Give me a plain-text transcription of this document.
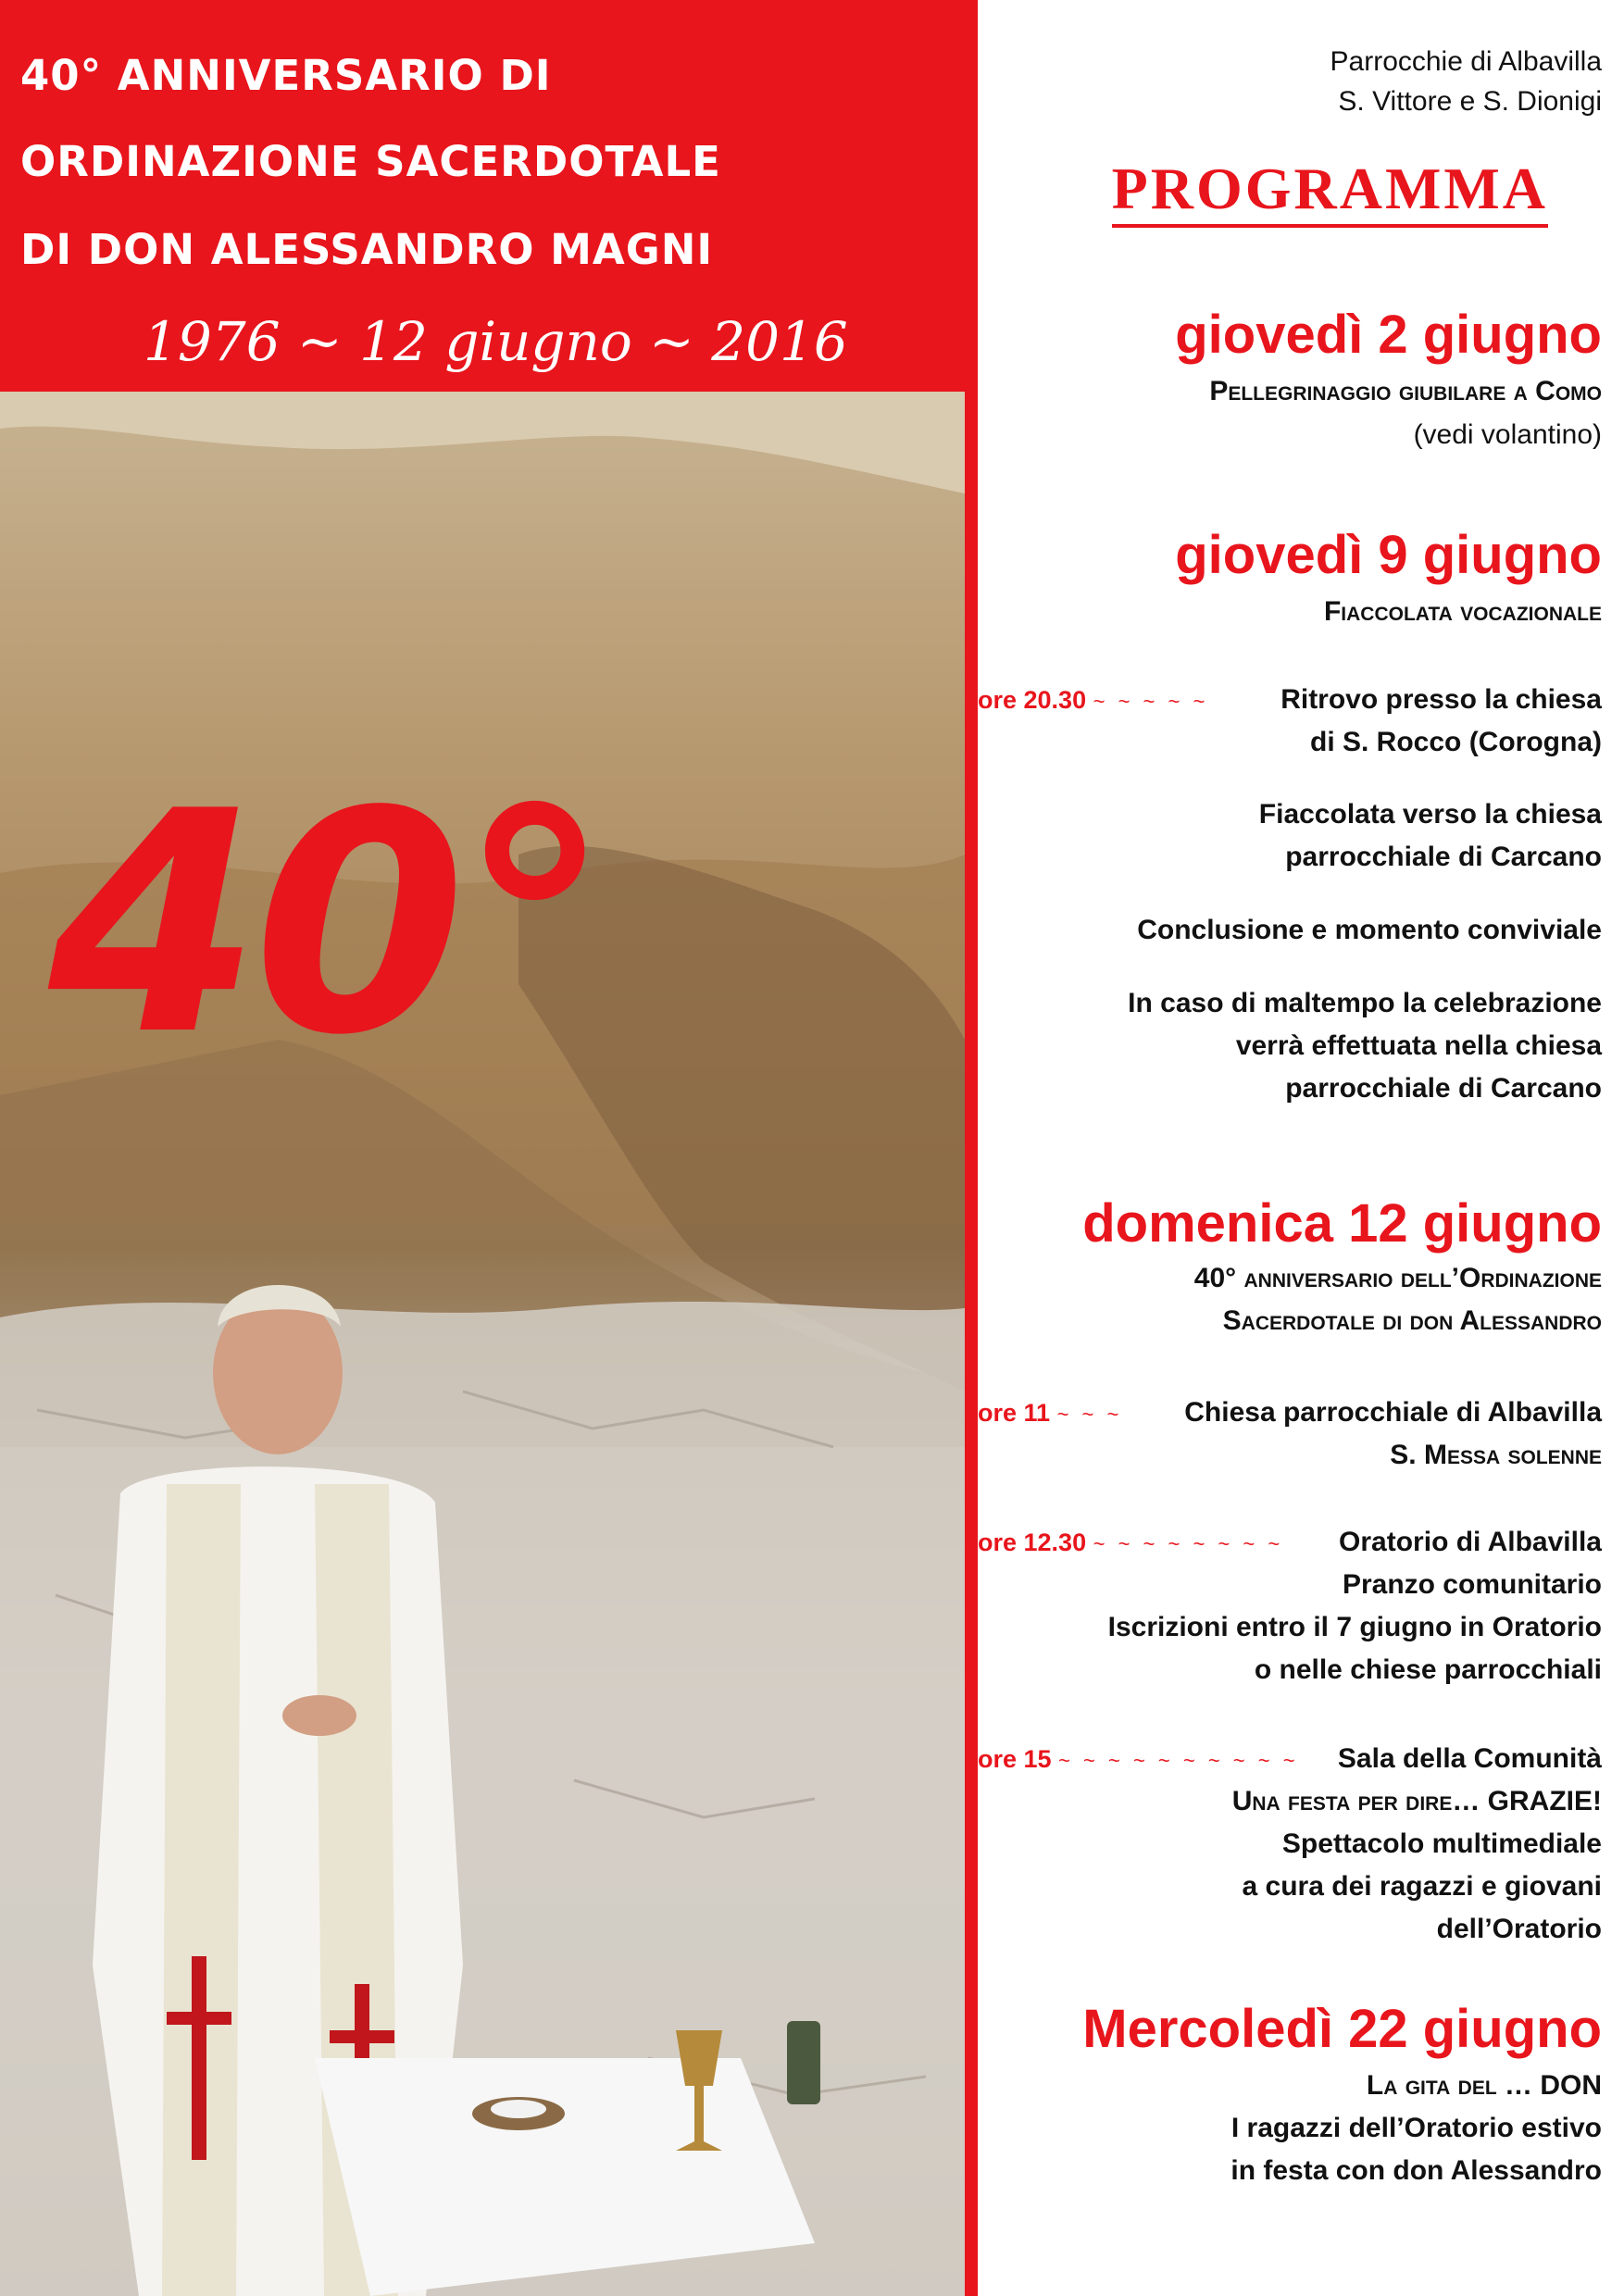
40° ANNIVERSARIO DI
ORDINAZIONE SACERDOTALE
DI DON ALESSANDRO MAGNI
1976 ~ 12 giugno ~ 2016
40°
Parrocchie di Albavilla
S. Vittore e S. Dionigi
PROGRAMMA
giovedì 2 giugno
Pellegrinaggio giubilare a Como
(vedi volantino)
giovedì 9 giugno
Fiaccolata vocazionale
ore 20.30 ~ ~ ~ ~ ~	Ritrovo presso la chiesa
di S. Rocco (Corogna)
Fiaccolata verso la chiesa
parrocchiale di Carcano
Conclusione e momento conviviale
In caso di maltempo la celebrazione
verrà effettuata nella chiesa
parrocchiale di Carcano
domenica 12 giugno
40° anniversario dell’Ordinazione
Sacerdotale di don Alessandro
ore 11 ~ ~ ~ Chiesa parrocchiale di Albavilla
S. Messa solenne
ore 12.30 ~ ~ ~ ~ ~ ~ ~ ~ Oratorio di Albavilla
Pranzo comunitario
Iscrizioni entro il 7 giugno in Oratorio
o nelle chiese parrocchiali
ore 15 ~ ~ ~ ~ ~ ~ ~ ~ ~ ~ Sala della Comunità
Una festa per dire… GRAZIE!
Spettacolo multimediale
a cura dei ragazzi e giovani
dell’Oratorio
Mercoledì 22 giugno
La gita del … DON
I ragazzi dell’Oratorio estivo
in festa con don Alessandro
